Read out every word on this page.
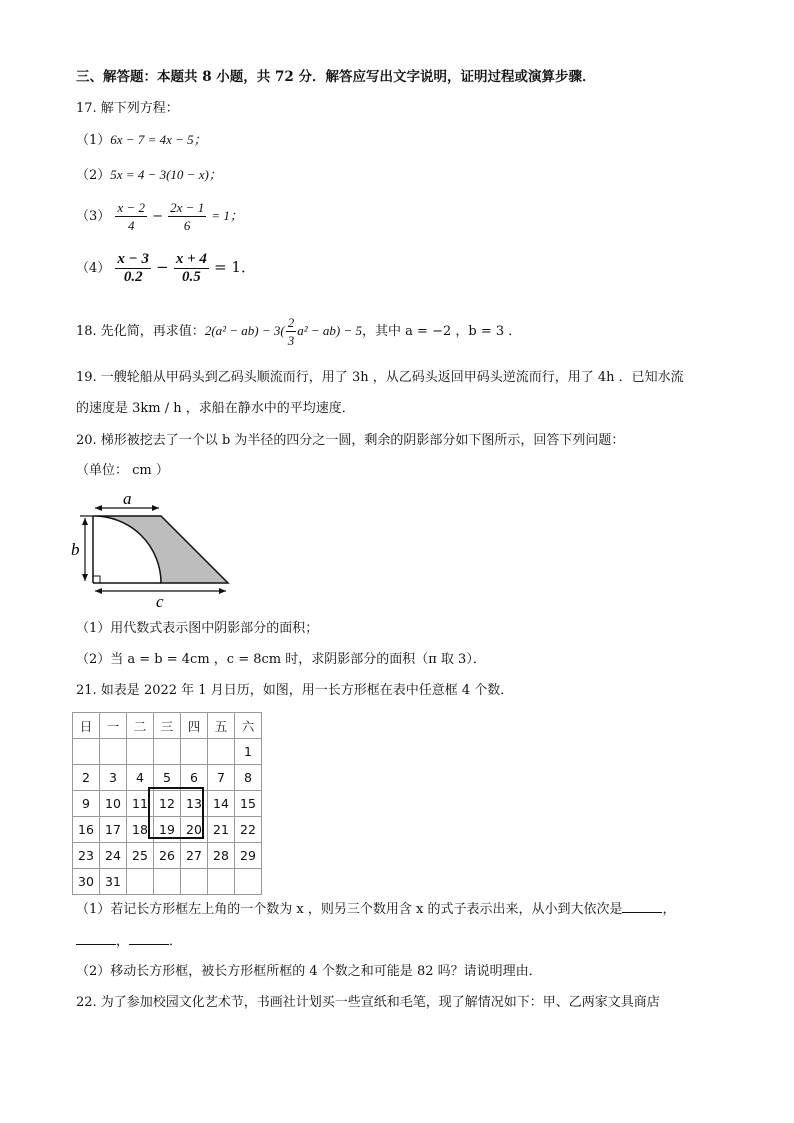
三、解答题：本题共 8 小题，共 72 分．解答应写出文字说明，证明过程或演算步骤．
17. 解下列方程：
（1）6x − 7 = 4x − 5；
（2）5x = 4 − 3(10 − x)；
$(3) \frac{x - 2}{4} - \frac{2x - 1}{6} = 1$；
$(4) \frac{x - 3}{0.2} - \frac{x + 4}{0.5} = 1$．
18. 先化简，再求值：$2(a^2 - ab) - 3( \frac{2}{3} a^2 - ab) - 5$，其中 a = −2 ，b = 3 ．
19. 一艘轮船从甲码头到乙码头顺流而行，用了 3h ，从乙码头返回甲码头逆流而行，用了 4h ．已知水流
的速度是 3km / h ，求船在静水中的平均速度．
20. 梯形被挖去了一个以 b 为半径的四分之一圆，剩余的阴影部分如下图所示，回答下列问题：
（单位： cm ）
a
b
c
（1）用代数式表示图中阴影部分的面积；
（2）当 a = b = 4cm ，c = 8cm 时，求阴影部分的面积（π 取 3）．
21. 如表是 2022 年 1 月日历，如图，用一长方形框在表中任意框 4 个数．
日	一	二	三	四	五	六
						1
2	3	4	5	6	7	8
9	10	11	12	13	14	15
16	17	18	19	20	21	22
23	24	25	26	27	28	29
30	31					
（1）若记长方形框左上角的一个数为 x ，则另三个数用含 x 的式子表示出来，从小到大依次是	，
，	．
（2）移动长方形框，被长方形框所框的 4 个数之和可能是 82 吗？请说明理由．
22. 为了参加校园文化艺术节，书画社计划买一些宣纸和毛笔，现了解情况如下：甲、乙两家文具商店
